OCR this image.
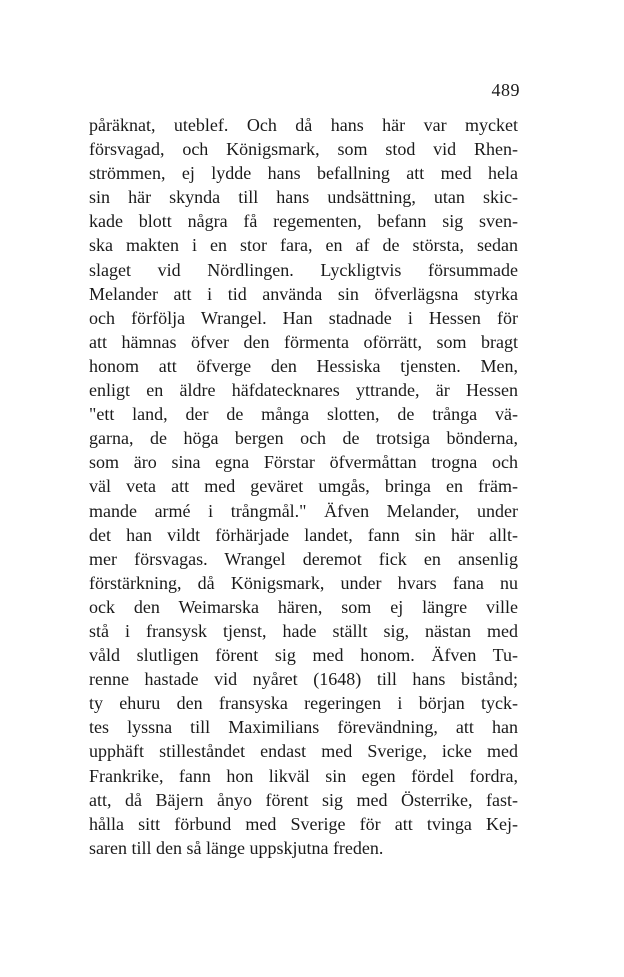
489
påräknat, uteblef. Och då hans här var mycket
försvagad, och Königsmark, som stod vid Rhen-
strömmen, ej lydde hans befallning att med hela
sin här skynda till hans undsättning, utan skic-
kade blott några få regementen, befann sig sven-
ska makten i en stor fara, en af de största, sedan
slaget vid Nördlingen. Lyckligtvis försummade
Melander att i tid använda sin öfverlägsna styrka
och förfölja Wrangel. Han stadnade i Hessen för
att hämnas öfver den förmenta oförrätt, som bragt
honom att öfverge den Hessiska tjensten. Men,
enligt en äldre häfdatecknares yttrande, är Hessen
"ett land, der de många slotten, de trånga vä-
garna, de höga bergen och de trotsiga bönderna,
som äro sina egna Förstar öfvermåttan trogna och
väl veta att med geväret umgås, bringa en främ-
mande armé i trångmål." Äfven Melander, under
det han vildt förhärjade landet, fann sin här allt-
mer försvagas. Wrangel deremot fick en ansenlig
förstärkning, då Königsmark, under hvars fana nu
ock den Weimarska hären, som ej längre ville
stå i fransysk tjenst, hade ställt sig, nästan med
våld slutligen förent sig med honom. Äfven Tu-
renne hastade vid nyåret (1648) till hans bistånd;
ty ehuru den fransyska regeringen i början tyck-
tes lyssna till Maximilians förevändning, att han
upphäft stilleståndet endast med Sverige, icke med
Frankrike, fann hon likväl sin egen fördel fordra,
att, då Bäjern ånyo förent sig med Österrike, fast-
hålla sitt förbund med Sverige för att tvinga Kej-
saren till den så länge uppskjutna freden.
